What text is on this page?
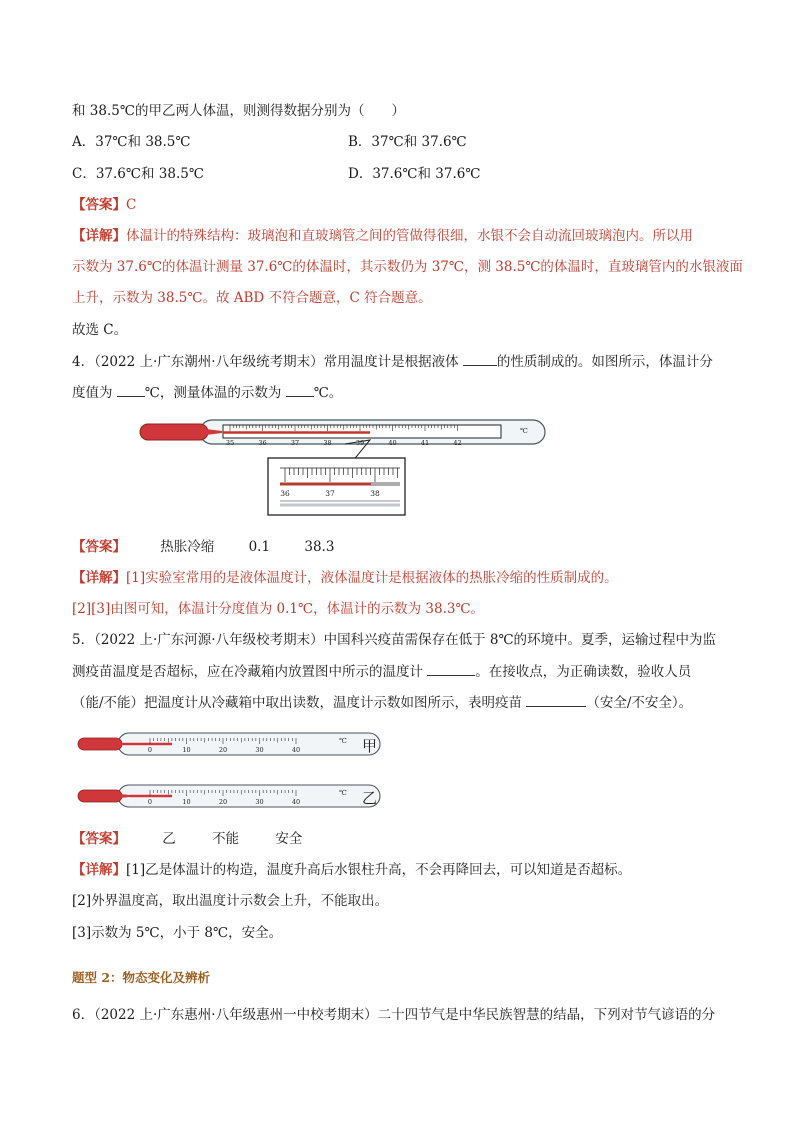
和 38.5℃的甲乙两人体温，则测得数据分别为（　　）
A．37℃和 38.5℃	B．37℃和 37.6℃
C．37.6℃和 38.5℃	D．37.6℃和 37.6℃
【答案】C
【详解】体温计的特殊结构：玻璃泡和直玻璃管之间的管做得很细，水银不会自动流回玻璃泡内。所以用
示数为 37.6℃的体温计测量 37.6℃的体温时，其示数仍为 37℃，测 38.5℃的体温时，直玻璃管内的水银液面
上升，示数为 38.5℃。故 ABD 不符合题意，C 符合题意。
故选 C。
4．（2022 上·广东潮州·八年级统考期末）常用温度计是根据液体	的性质制成的。如图所示，体温计分
度值为 ℃，测量体温的示数为 ℃。
35	36	37	38	39	40	41	42
℃
36	37	38
【答案】	热胀冷缩	0.1	38.3
【详解】[1]实验室常用的是液体温度计，液体温度计是根据液体的热胀冷缩的性质制成的。
[2][3]由图可知，体温计分度值为 0.1℃，体温计的示数为 38.3℃。
5．（2022 上·广东河源·八年级校考期末）中国科兴疫苗需保存在低于 8℃的环境中。夏季，运输过程中为监
测疫苗温度是否超标，应在冷藏箱内放置图中所示的温度计	。在接收点，为正确读数，验收人员
（能/不能）把温度计从冷藏箱中取出读数，温度计示数如图所示，表明疫苗	（安全/不安全）。
0	10	20	30	40
℃ 甲
0	10	20	30	40
℃ 乙
【答案】	乙	不能	安全
【详解】[1]乙是体温计的构造，温度升高后水银柱升高，不会再降回去，可以知道是否超标。
[2]外界温度高，取出温度计示数会上升，不能取出。
[3]示数为 5℃，小于 8℃，安全。
题型 2：物态变化及辨析
6．（2022 上·广东惠州·八年级惠州一中校考期末）二十四节气是中华民族智慧的结晶，下列对节气谚语的分
